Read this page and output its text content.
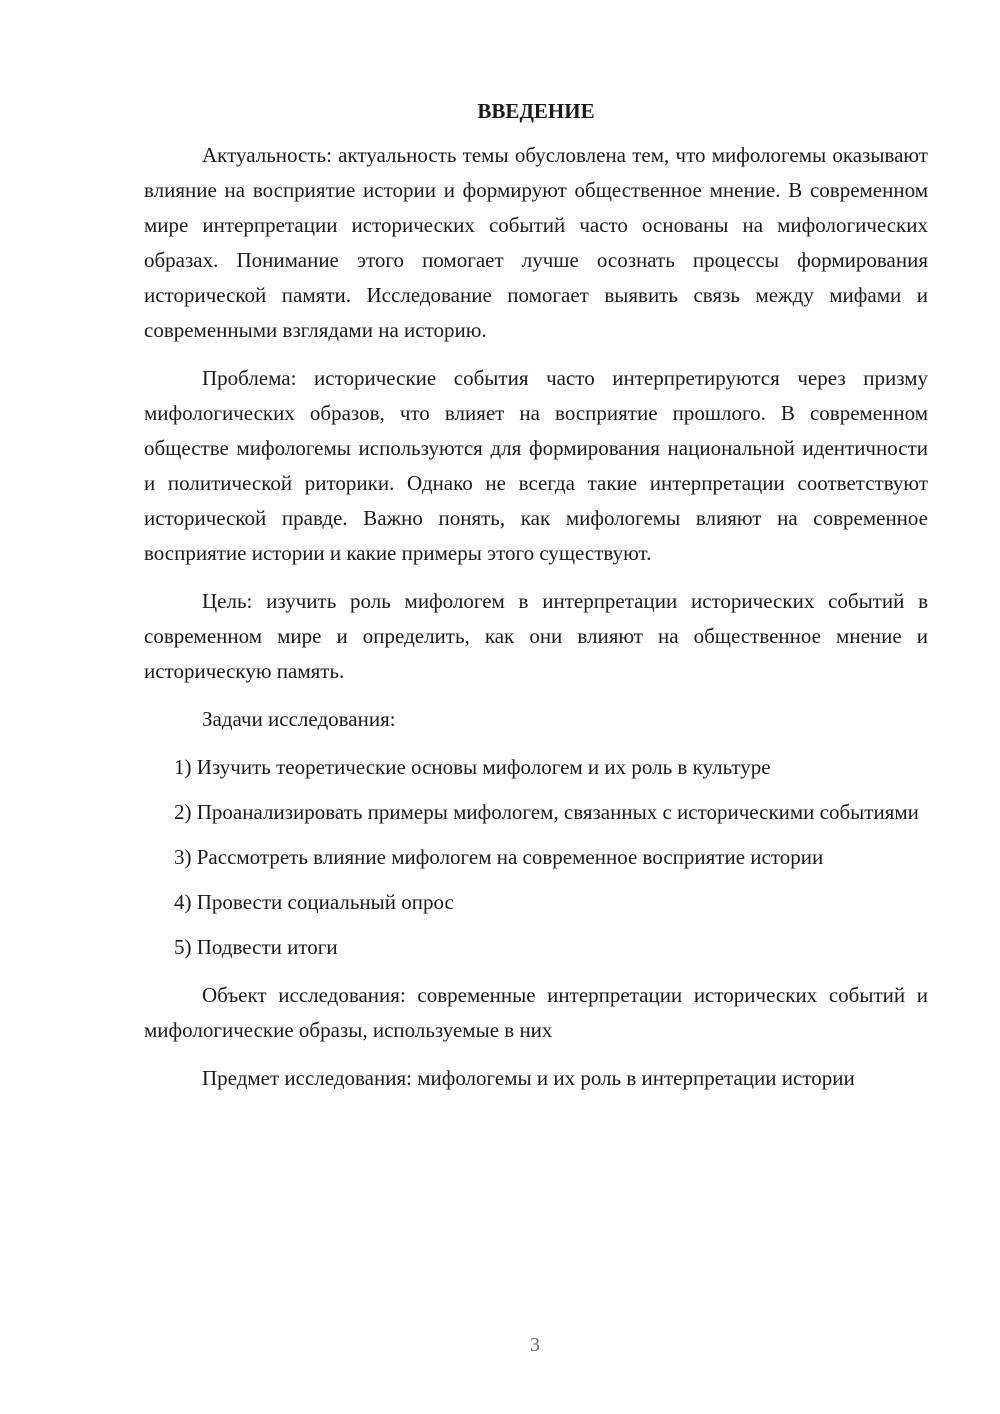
ВВЕДЕНИЕ

Актуальность: актуальность темы обусловлена тем, что мифологемы оказывают влияние на восприятие истории и формируют общественное мнение. В современном мире интерпретации исторических событий часто основаны на мифологических образах. Понимание этого помогает лучше осознать процессы формирования исторической памяти. Исследование помогает выявить связь между мифами и современными взглядами на историю.

Проблема: исторические события часто интерпретируются через призму мифологических образов, что влияет на восприятие прошлого. В современном обществе мифологемы используются для формирования национальной идентичности и политической риторики. Однако не всегда такие интерпретации соответствуют исторической правде. Важно понять, как мифологемы влияют на современное восприятие истории и какие примеры этого существуют.

Цель: изучить роль мифологем в интерпретации исторических событий в современном мире и определить, как они влияют на общественное мнение и историческую память.

Задачи исследования:

1) Изучить теоретические основы мифологем и их роль в культуре

2) Проанализировать примеры мифологем, связанных с историческими событиями

3) Рассмотреть влияние мифологем на современное восприятие истории

4) Провести социальный опрос

5) Подвести итоги

Объект исследования: современные интерпретации исторических событий и мифологические образы, используемые в них

Предмет исследования: мифологемы и их роль в интерпретации истории

3
